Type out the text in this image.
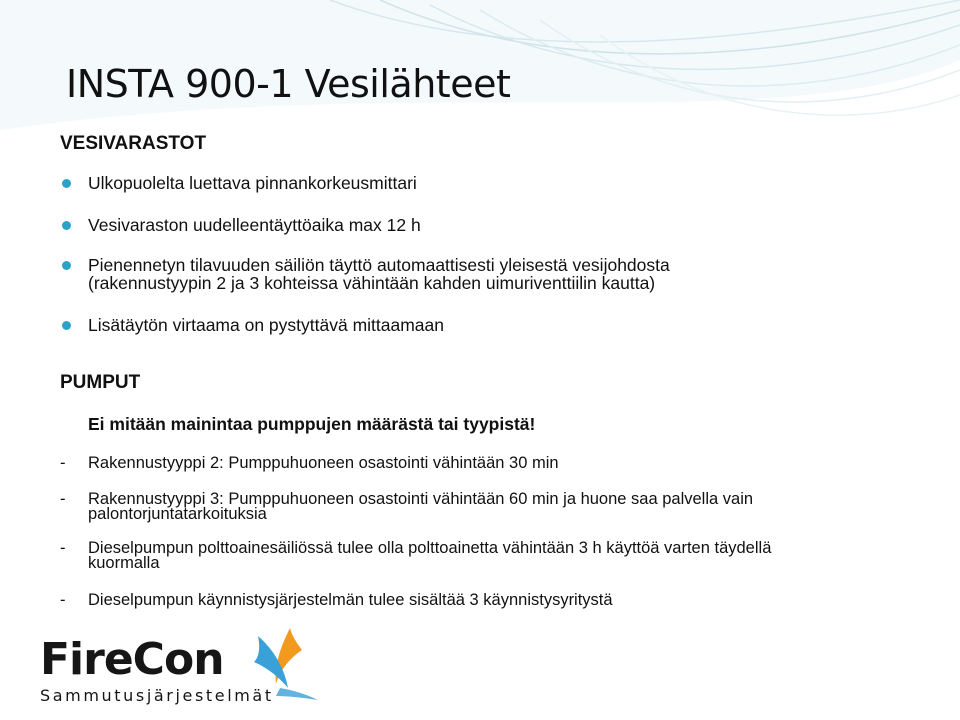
INSTA 900-1 Vesilähteet
VESIVARASTOT
Ulkopuolelta luettava pinnankorkeusmittari
Vesivaraston uudelleentäyttöaika max 12 h
Pienennetyn tilavuuden säiliön täyttö automaattisesti yleisestä vesijohdosta
(rakennustyypin 2 ja 3 kohteissa vähintään kahden uimuriventtiilin kautta)
Lisätäytön virtaama on pystyttävä mittaamaan
PUMPUT
Ei mitään mainintaa pumppujen määrästä tai tyypistä!
- Rakennustyyppi 2: Pumppuhuoneen osastointi vähintään 30 min
- Rakennustyyppi 3: Pumppuhuoneen osastointi vähintään 60 min ja huone saa palvella vain
palontorjuntatarkoituksia
- Dieselpumpun polttoainesäiliössä tulee olla polttoainetta vähintään 3 h käyttöä varten täydellä
kuormalla
- Dieselpumpun käynnistysjärjestelmän tulee sisältää 3 käynnistysyritystä
FireCon
Sammutusjärjestelmät
